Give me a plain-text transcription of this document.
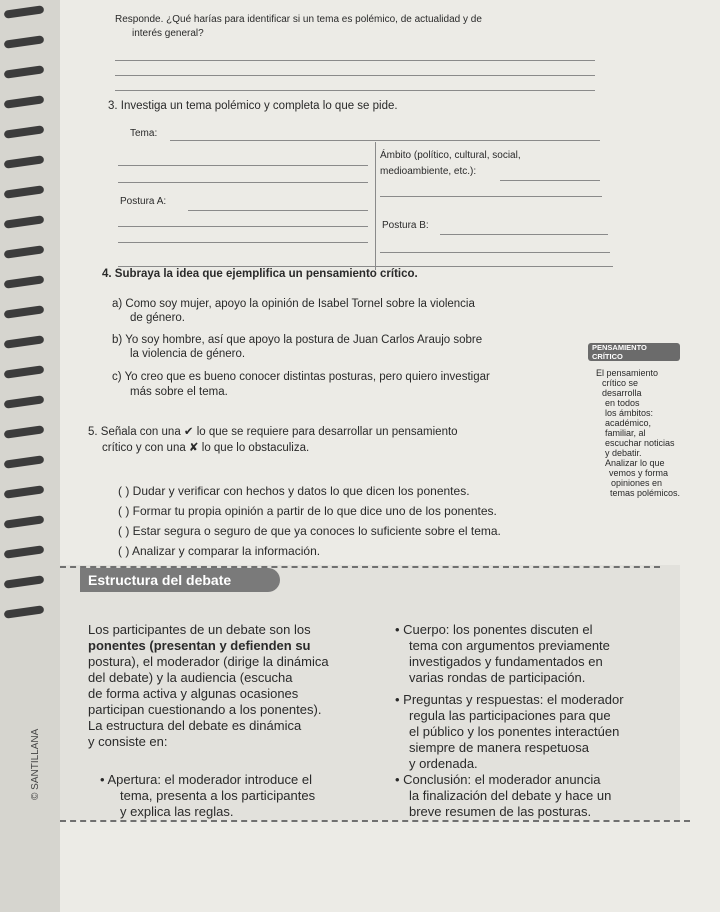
Responde. ¿Qué harías para identificar si un tema es polémico, de actualidad y de
interés general?
3. Investiga un tema polémico y completa lo que se pide.
Tema:
Ámbito (político, cultural, social,
medioambiente, etc.):
Postura A:
Postura B:
4. Subraya la idea que ejemplifica un pensamiento crítico.
a) Como soy mujer, apoyo la opinión de Isabel Tornel sobre la violencia
de género.
b) Yo soy hombre, así que apoyo la postura de Juan Carlos Araujo sobre
la violencia de género.
c) Yo creo que es bueno conocer distintas posturas, pero quiero investigar
más sobre el tema.
PENSAMIENTO
CRÍTICO
El pensamiento
crítico se
desarrolla
en todos
los ámbitos:
académico,
familiar, al
escuchar noticias
y debatir.
Analizar lo que
vemos y forma
opiniones en
temas polémicos.
5. Señala con una ✔ lo que se requiere para desarrollar un pensamiento
crítico y con una ✘ lo que lo obstaculiza.
( ) Dudar y verificar con hechos y datos lo que dicen los ponentes.
( ) Formar tu propia opinión a partir de lo que dice uno de los ponentes.
( ) Estar segura o seguro de que ya conoces lo suficiente sobre el tema.
( ) Analizar y comparar la información.
Estructura del debate
Los participantes de un debate son los
ponentes (presentan y defienden su
postura), el moderador (dirige la dinámica
del debate) y la audiencia (escucha
de forma activa y algunas ocasiones
participan cuestionando a los ponentes).
La estructura del debate es dinámica
y consiste en:
• Apertura: el moderador introduce el
tema, presenta a los participantes
y explica las reglas.
• Cuerpo: los ponentes discuten el
tema con argumentos previamente
investigados y fundamentados en
varias rondas de participación.
• Preguntas y respuestas: el moderador
regula las participaciones para que
el público y los ponentes interactúen
siempre de manera respetuosa
y ordenada.
• Conclusión: el moderador anuncia
la finalización del debate y hace un
breve resumen de las posturas.
© SANTILLANA
